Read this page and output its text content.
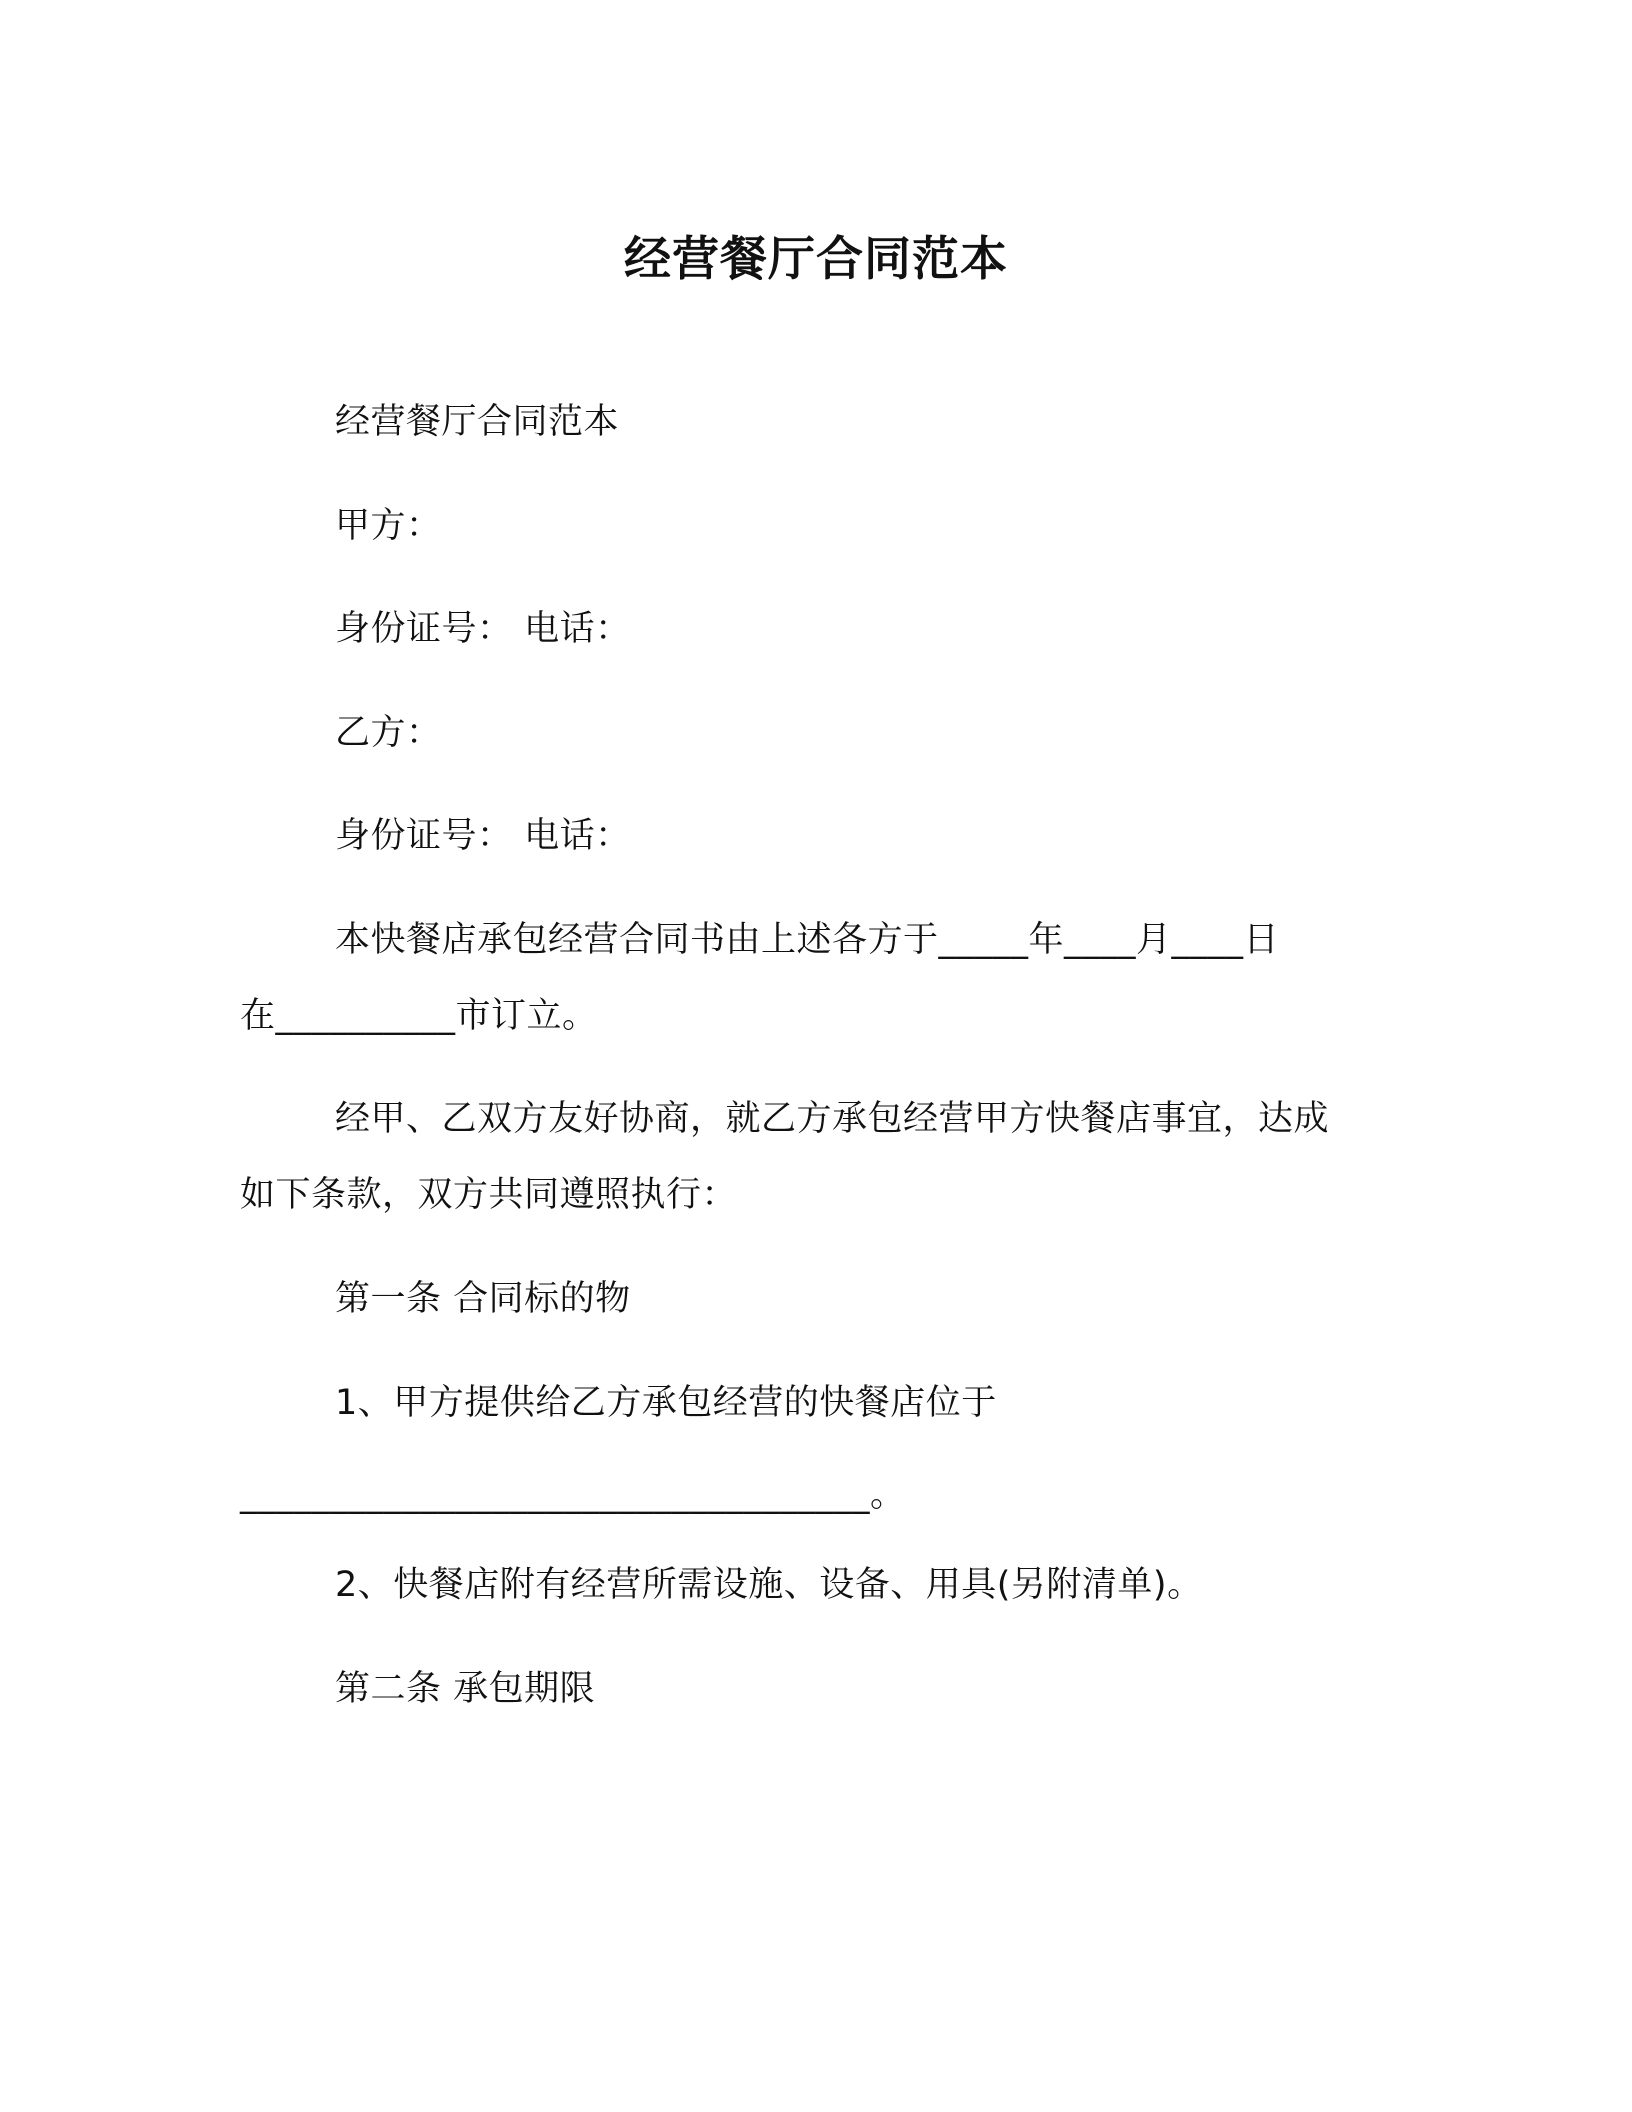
经营餐厅合同范本
经营餐厅合同范本
甲方：
身份证号： 电话：
乙方：
身份证号： 电话：
本快餐店承包经营合同书由上述各方于_____年____月____日
在__________市订立。
经甲、乙双方友好协商，就乙方承包经营甲方快餐店事宜，达成
如下条款，双方共同遵照执行：
第一条 合同标的物
1、甲方提供给乙方承包经营的快餐店位于
___________________________________。
2、快餐店附有经营所需设施、设备、用具(另附清单)。
第二条 承包期限
